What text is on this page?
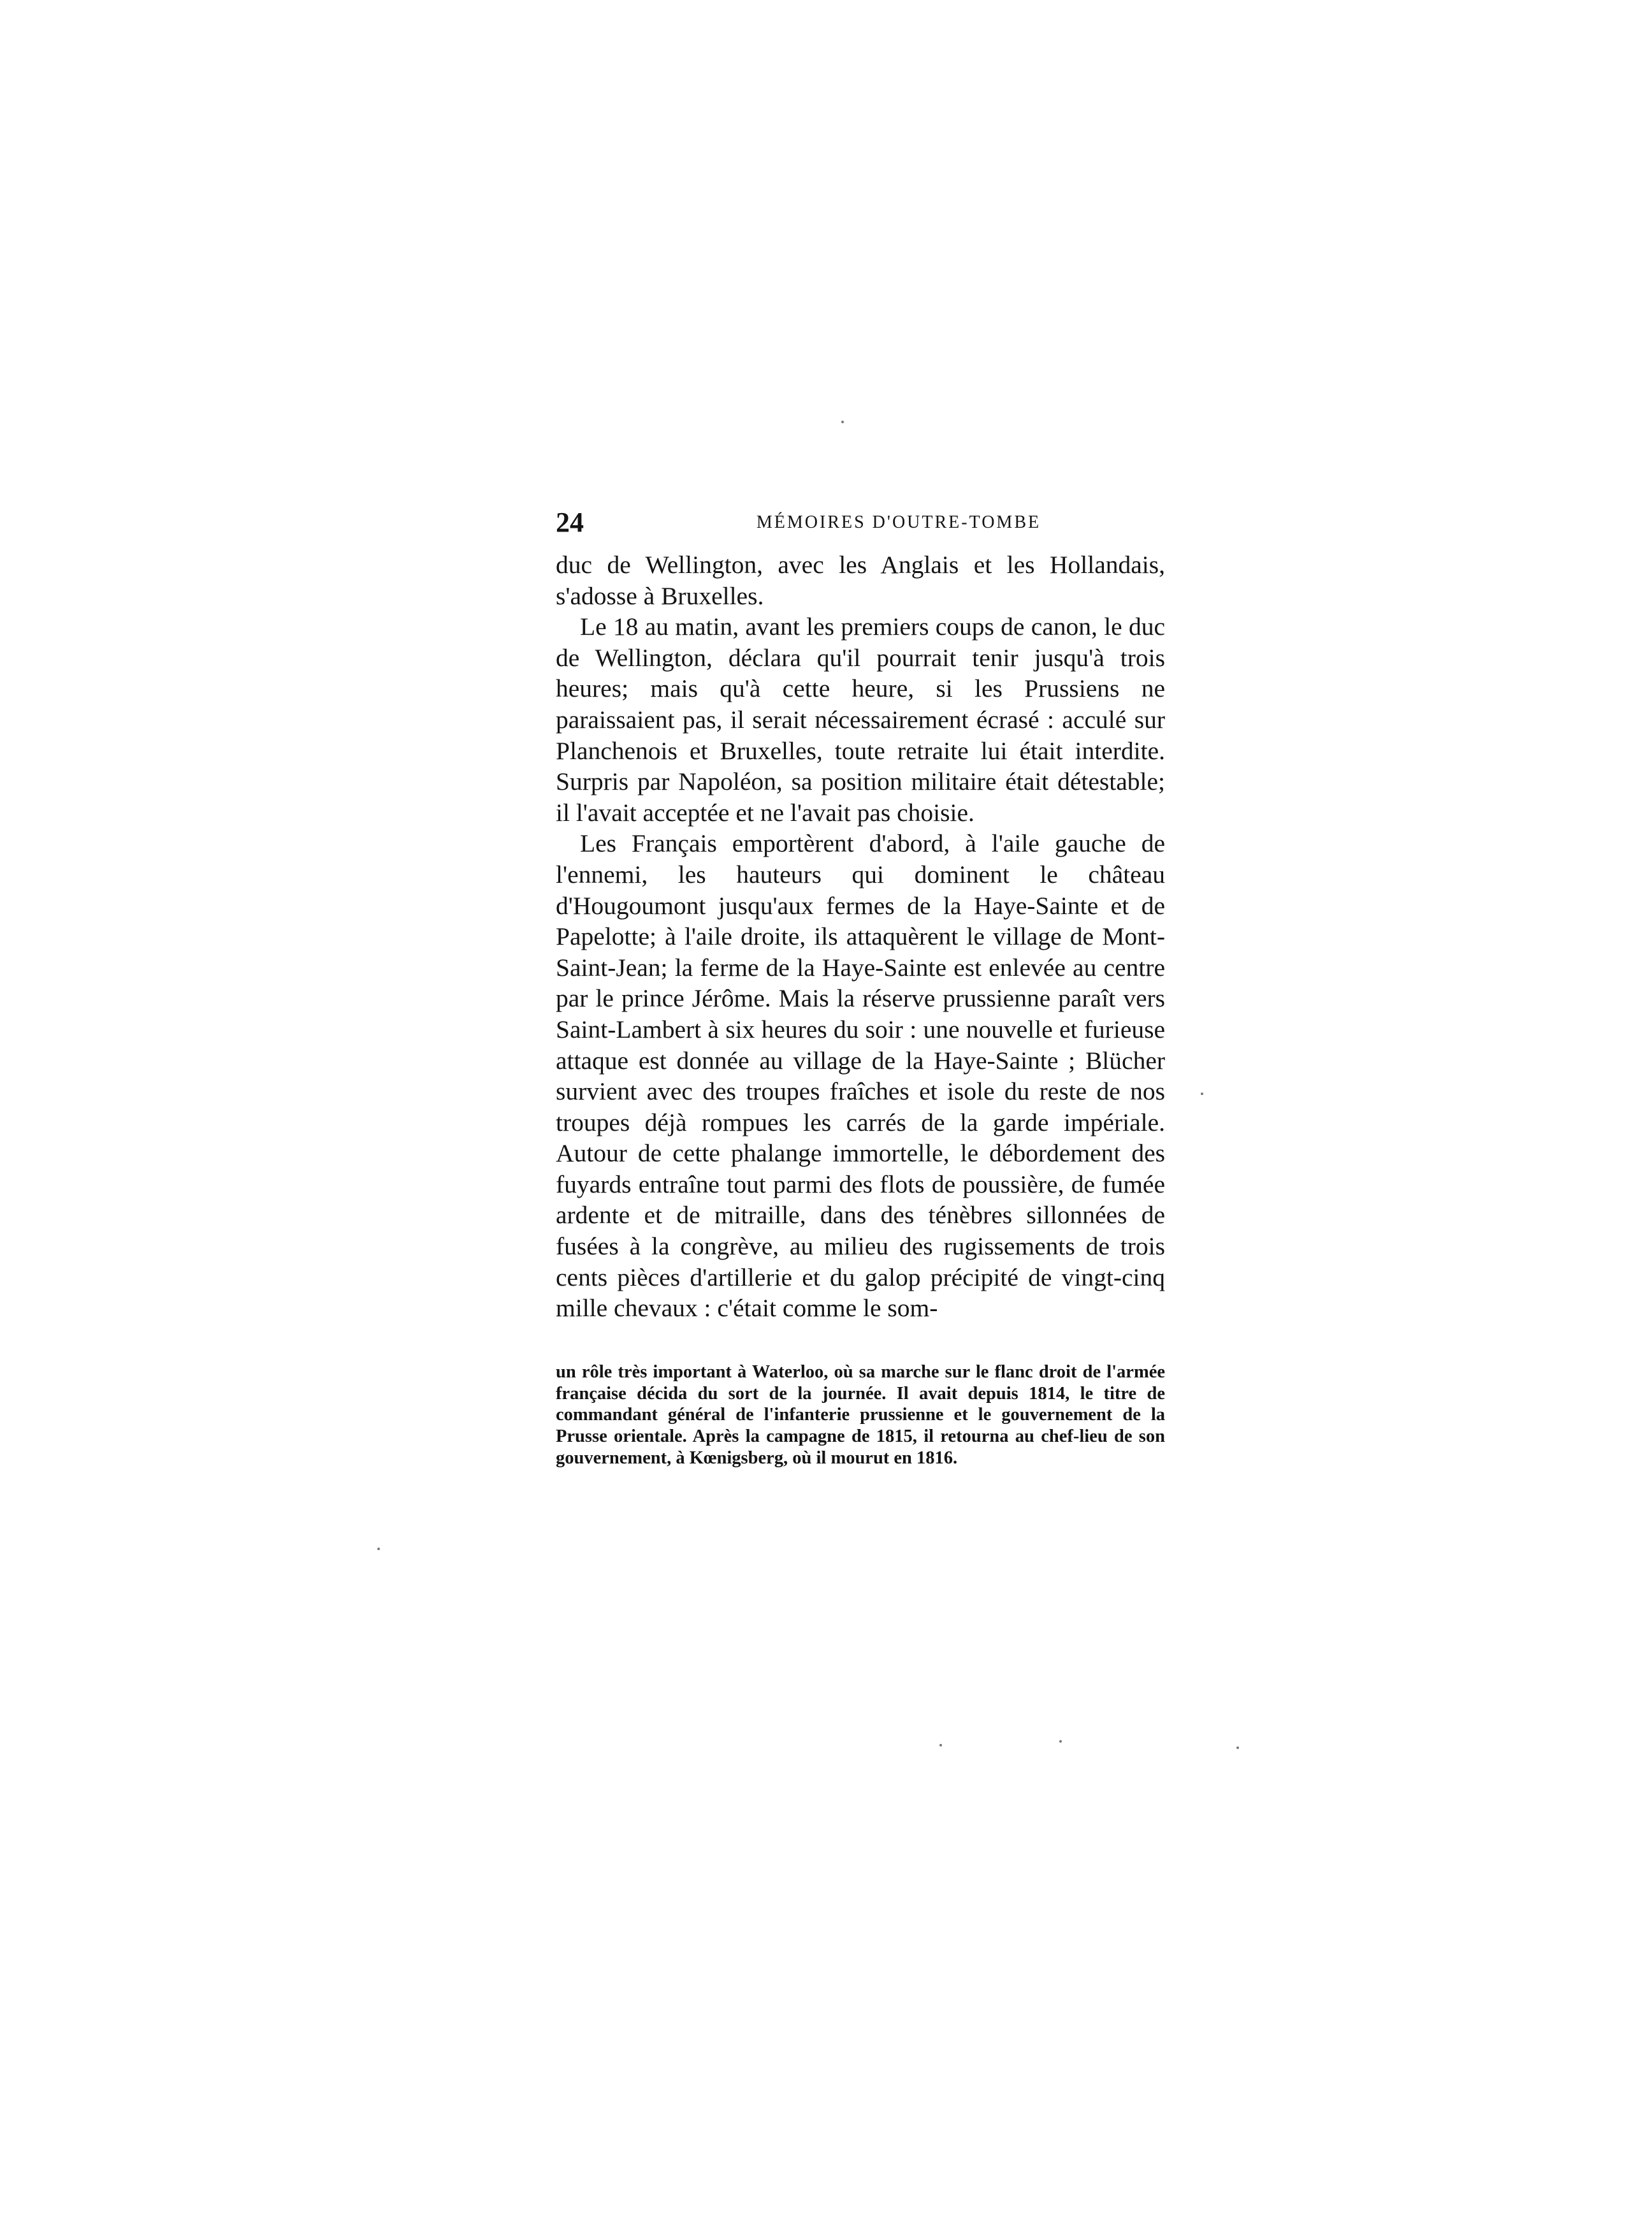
24	MÉMOIRES D'OUTRE-TOMBE

duc de Wellington, avec les Anglais et les Hollandais, s'adosse à Bruxelles.

Le 18 au matin, avant les premiers coups de canon, le duc de Wellington, déclara qu'il pourrait tenir jusqu'à trois heures; mais qu'à cette heure, si les Prussiens ne paraissaient pas, il serait nécessairement écrasé : acculé sur Planchenois et Bruxelles, toute retraite lui était interdite. Surpris par Napoléon, sa position militaire était détestable; il l'avait acceptée et ne l'avait pas choisie.

Les Français emportèrent d'abord, à l'aile gauche de l'ennemi, les hauteurs qui dominent le château d'Hougoumont jusqu'aux fermes de la Haye-Sainte et de Papelotte; à l'aile droite, ils attaquèrent le village de Mont-Saint-Jean; la ferme de la Haye-Sainte est enlevée au centre par le prince Jérôme. Mais la réserve prussienne paraît vers Saint-Lambert à six heures du soir : une nouvelle et furieuse attaque est donnée au village de la Haye-Sainte ; Blücher survient avec des troupes fraîches et isole du reste de nos troupes déjà rompues les carrés de la garde impériale. Autour de cette phalange immortelle, le débordement des fuyards entraîne tout parmi des flots de poussière, de fumée ardente et de mitraille, dans des ténèbres sillonnées de fusées à la congrève, au milieu des rugissements de trois cents pièces d'artillerie et du galop précipité de vingt-cinq mille chevaux : c'était comme le som-

un rôle très important à Waterloo, où sa marche sur le flanc droit de l'armée française décida du sort de la journée. Il avait depuis 1814, le titre de commandant général de l'infanterie prussienne et le gouvernement de la Prusse orientale. Après la campagne de 1815, il retourna au chef-lieu de son gouvernement, à Kœnigsberg, où il mourut en 1816.
